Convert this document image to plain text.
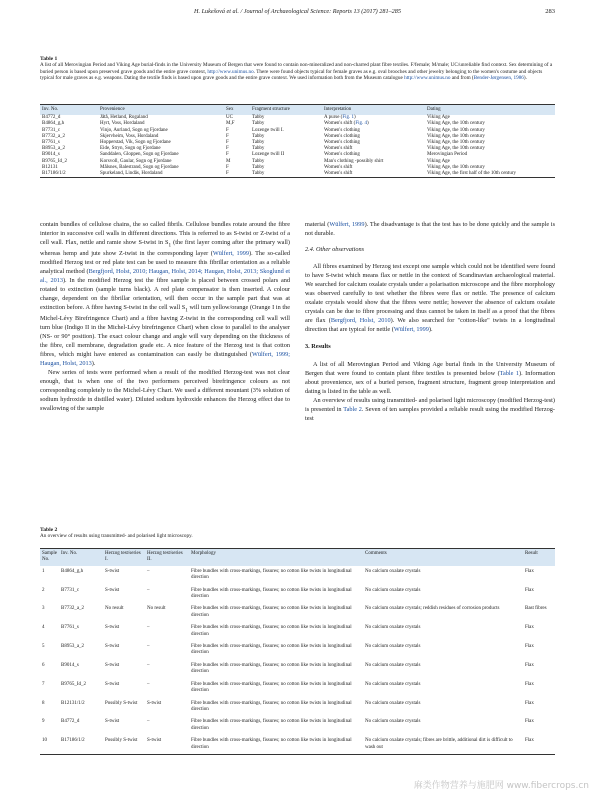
H. Lukešová et al. / Journal of Archaeological Science: Reports 13 (2017) 281–285	283
Table 1
A list of all Merovingian Period and Viking Age burial-finds in the University Museum of Bergen that were found to contain non-mineralized and non-charred plant fibre textiles. F/female; M/male; UC/unreliable find context. Sex determining of a buried person is based upon preserved grave goods and the entire grave context, http://www.unimus.no. There were found objects typical for female graves as e.g. oval brooches and other jewelry belonging to the women's costume and objects typical for male graves as e.g. weapons. Dating the textile finds is based upon grave goods and the entire grave context. We used information both from the Museum catalogue http://www.unimus.no and from (Bender-Jørgensen, 1986).
Inv. No.	Provenience	Sex	Fragment structure	Interpretation	Dating
B4772_d	Jåtå, Hetland, Rogaland	UC	Tabby	A purse (Fig. 1)	Viking Age
B4864_g,h	Hyrt, Voss, Hordaland	M,F	Tabby	Women's shift (Fig. 4)	Viking Age, the 10th century
B7731_c	Vinjo, Aurland, Sogn og Fjordane	F	Lozenge twill I.	Women's clothing	Viking Age, the 10th century
B7732_a_2	Skjervheim, Voss, Hordaland	F	Tabby	Women's clothing	Viking Age, the 10th century
B7761_s	Hopperstad, Vik, Sogn og Fjordane	F	Tabby	Women's clothing	Viking Age, the 10th century
B8953_a_2	Eide, Stryn, Sogn og Fjordane	F	Tabby	Women's shift	Viking Age, the 10th century
B9014_s	Sanddalen, Gloppen, Sogn og Fjordane	F	Lozenge twill II	Women's clothing	Merovingian Period
B9765_Id_2	Korsvoll, Gaular, Sogn og Fjordane	M	Tabby	Man's clothing -possibly shirt	Viking Age
B12131	Målsnes, Balestrand, Sogn og Fjordane	F	Tabby	Women's shift	Viking Age, the 10th century
B17186/1/2	Spurkeland, Lindås, Hordaland	F	Tabby	Women's shift	Viking Age, the first half of the 10th century

contain bundles of cellulose chains, the so called fibrils. Cellulose bundles rotate around the fibre interior in successive cell walls in different directions. This is referred to as S-twist or Z-twist of a cell wall. Flax, nettle and ramie show S-twist in $S_1$ (the first layer coming after the primary wall) whereas hemp and jute show Z-twist in the corresponding layer (Wülfert, 1999). The so-called modified Herzog test or red plate test can be used to measure this fibrillar orientation as a reliable analytical method (Bergfjord, Holst, 2010; Haugan, Holst, 2014; Haugan, Holst, 2013; Skoglund et al., 2013). In the modified Herzog test the fibre sample is placed between crossed polars and rotated to extinction (sample turns black). A red plate compensator is then inserted. A colour change, dependent on the fibrillar orientation, will then occur in the sample part that was at extinction before. A fibre having S-twist in the cell wall $S_1$ will turn yellow/orange (Orange I in the Michel-Lévy Birefringence Chart) and a fibre having Z-twist in the corresponding cell wall will turn blue (Indigo II in the Michel-Lévy birefringence Chart) when close to parallel to the analyser (NS- or 90° position). The exact colour change and angle will vary depending on the thickness of the fibre, cell membrane, degradation grade etc. A nice feature of the Herzog test is that cotton fibres, which might have entered as contamination can easily be distinguished (Wülfert, 1999; Haugan, Holst, 2013).

New series of tests were performed when a result of the modified Herzog-test was not clear enough, that is when one of the two performers perceived birefringence colours as not corresponding completely to the Michel-Lévy Chart. We used a different mountant (3% solution of sodium hydroxide in distilled water). Diluted sodium hydroxide enhances the Herzog effect due to swallowing of the sample

material (Wülfert, 1999). The disadvantage is that the test has to be done quickly and the sample is not durable.

2.4. Other observations

All fibres examined by Herzog test except one sample which could not be identified were found to have S-twist which means flax or nettle in the context of Scandinavian archaeological material. We searched for calcium oxalate crystals under a polarisation microscope and the fibre morphology was observed carefully to test whether the fibres were flax or nettle. The presence of calcium oxalate crystals would show that the fibres were nettle; however the absence of calcium oxalate crystals can be due to fibre processing and thus cannot be taken in itself as a proof that the fibres are flax (Bergfjord, Holst, 2010). We also searched for "cotton-like" twists in a longitudinal direction that are typical for nettle (Wülfert, 1999).

3. Results

A list of all Merovingian Period and Viking Age burial finds in the University Museum of Bergen that were found to contain plant fibre textiles is presented below (Table 1). Information about provenience, sex of a buried person, fragment structure, fragment group interpretation and dating is listed in the table as well.

An overview of results using transmitted- and polarised light microscopy (modified Herzog-test) is presented in Table 2. Seven of ten samples provided a reliable result using the modified Herzog-test

Table 2
An overview of results using transmitted- and polarised light microscopy.
Sample No.	Inv. No.	Herzog test/series I.	Herzog test/series II.	Morphology	Comments	Result
1	B4864_g,h	S-twist	–	Fibre bundles with cross-markings, fissures; no cotton like twists in longitudinal direction	No calcium oxalate crystals	Flax
2	B7731_c	S-twist	–	Fibre bundles with cross-markings, fissures; no cotton like twists in longitudinal direction	No calcium oxalate crystals	Flax
3	B7732_a_2	No result	No result	Fibre bundles with cross-markings, fissures; no cotton like twists in longitudinal direction	No calcium oxalate crystals; reddish residues of corrosion products	Bast fibres
4	B7761_s	S-twist	–	Fibre bundles with cross-markings, fissures; no cotton like twists in longitudinal direction	No calcium oxalate crystals	Flax
5	B8953_a_2	S-twist	–	Fibre bundles with cross-markings, fissures; no cotton like twists in longitudinal direction	No calcium oxalate crystals	Flax
6	B9014_s	S-twist	–	Fibre bundles with cross-markings, fissures; no cotton like twists in longitudinal direction	No calcium oxalate crystals	Flax
7	B9765_Id_2	S-twist	–	Fibre bundles with cross-markings, fissures; no cotton like twists in longitudinal direction	No calcium oxalate crystals	Flax
8	B12131/1/2	Possibly S-twist	S-twist	Fibre bundles with cross-markings, fissures; no cotton like twists in longitudinal direction	No calcium oxalate crystals	Flax
9	B4772_d	S-twist	–	Fibre bundles with cross-markings, fissures; no cotton like twists in longitudinal direction	No calcium oxalate crystals	Flax
10	B17186/1/2	Possibly S-twist	S-twist	Fibre bundles with cross-markings, fissures; no cotton like twists in longitudinal direction	No calcium oxalate crystals; fibres are brittle, additional dirt is difficult to wash out	Flax
麻类作物营养与施肥网 www.fibercrops.cn
